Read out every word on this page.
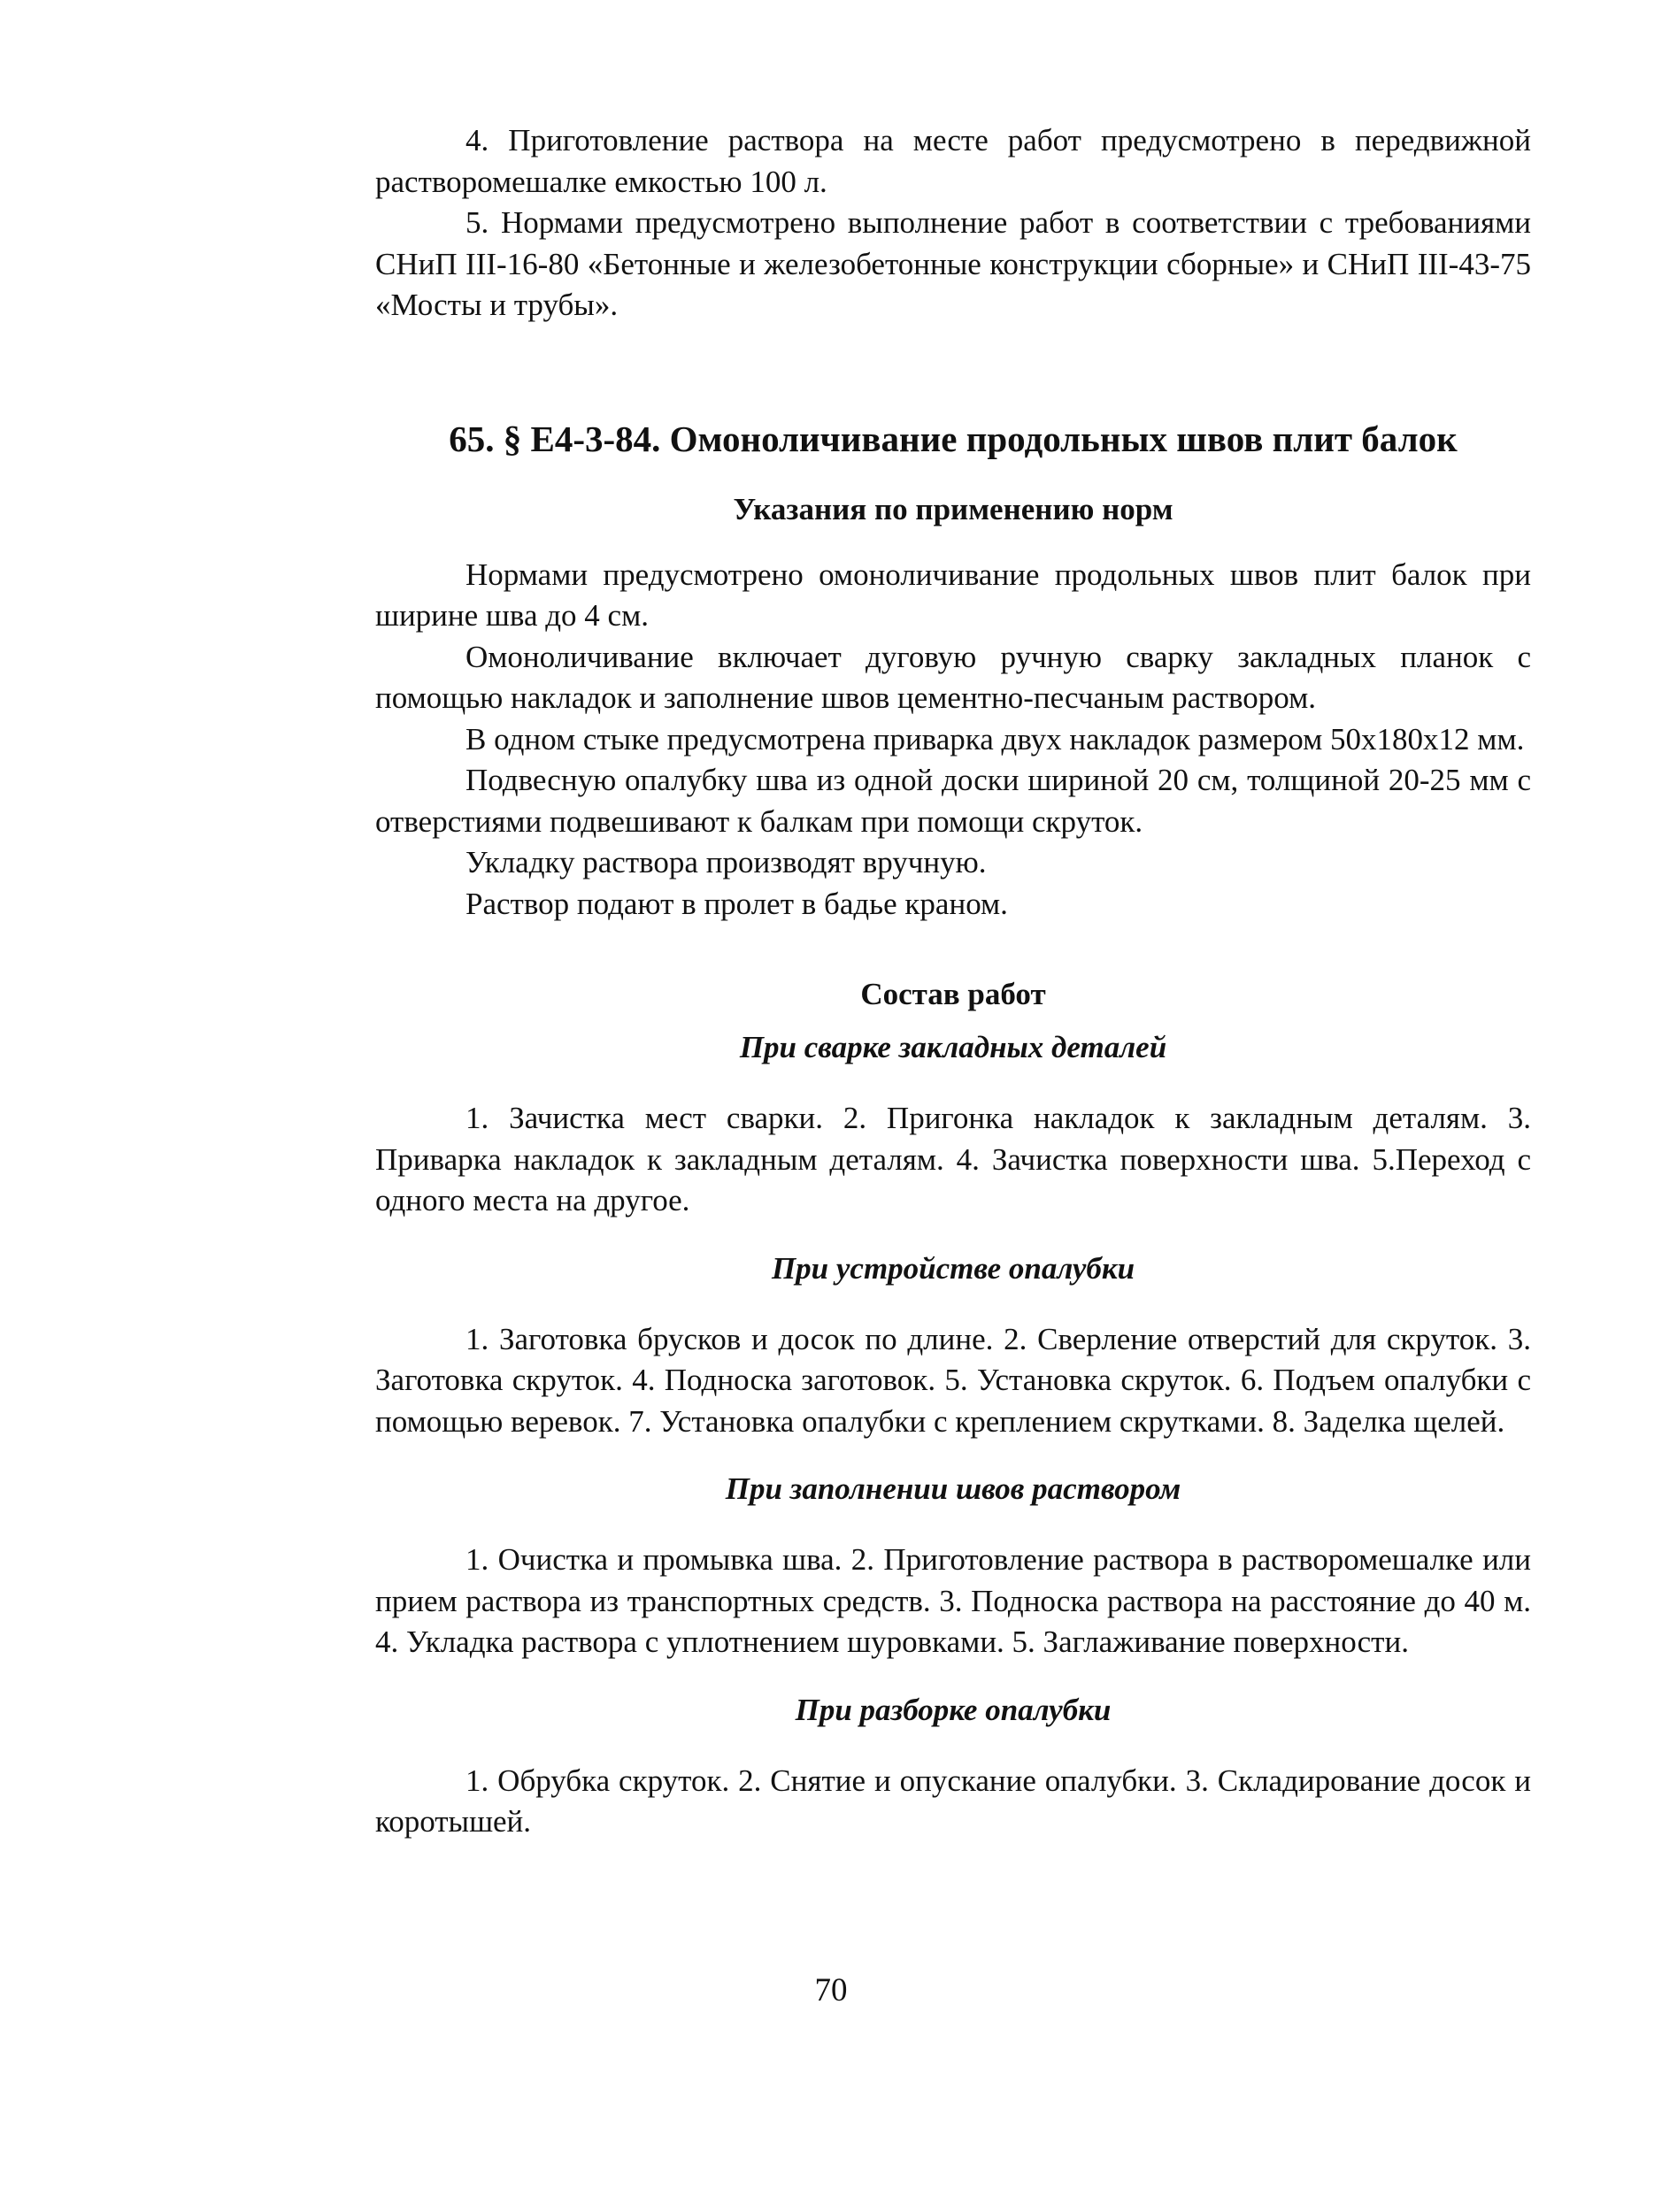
4. Приготовление раствора на месте работ предусмотрено в передвижной растворомешалке емкостью 100 л.

5. Нормами предусмотрено выполнение работ в соответствии с требованиями СНиП III-16-80 «Бетонные и железобетонные конструкции сборные» и СНиП III-43-75 «Мосты и трубы».

65. § Е4-3-84. Омоноличивание продольных швов плит балок
Указания по применению норм

Нормами предусмотрено омоноличивание продольных швов плит балок при ширине шва до 4 см.

Омоноличивание включает дуговую ручную сварку закладных планок с помощью накладок и заполнение швов цементно-песчаным раствором.

В одном стыке предусмотрена приварка двух накладок размером 50х180х12 мм.

Подвесную опалубку шва из одной доски шириной 20 см, толщиной 20-25 мм с отверстиями подвешивают к балкам при помощи скруток.

Укладку раствора производят вручную.

Раствор подают в пролет в бадье краном.

Состав работ
При сварке закладных деталей

1. Зачистка мест сварки. 2. Пригонка накладок к закладным деталям. 3. Приварка накладок к закладным деталям. 4. Зачистка поверхности шва. 5.Переход с одного места на другое.

При устройстве опалубки

1. Заготовка брусков и досок по длине. 2. Сверление отверстий для скруток. 3. Заготовка скруток. 4. Подноска заготовок. 5. Установка скруток. 6. Подъем опалубки с помощью веревок. 7. Установка опалубки с креплением скрутками. 8. Заделка щелей.

При заполнении швов раствором

1. Очистка и промывка шва. 2. Приготовление раствора в растворомешалке или прием раствора из транспортных средств. 3. Подноска раствора на расстояние до 40 м. 4. Укладка раствора с уплотнением шуровками. 5. Заглаживание поверхности.

При разборке опалубки

1. Обрубка скруток. 2. Снятие и опускание опалубки. 3. Складирование досок и коротышей.

70
